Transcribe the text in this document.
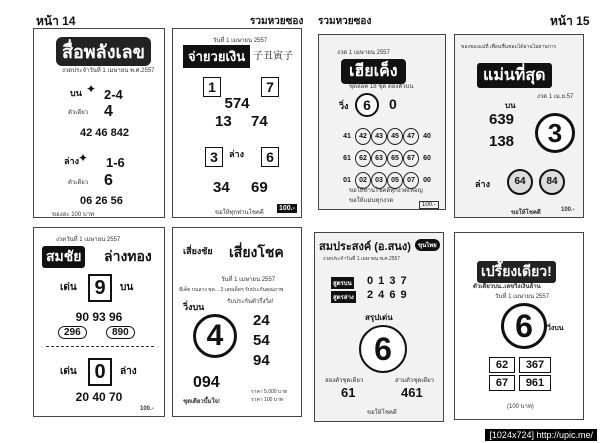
หน้า 14	รวมหวยซอง รวมหวยซอง	หน้า 15
สื่อพลังเลข
งวดประจำวันที่ 1 เมษายน พ.ศ.2557
✦
บน 2-4
ตัวเดียว 4
42 46 842
✦
ล่าง 1-6
ตัวเดียว 6
06 26 56
ของละ 100 บาท
วันที่ 1 เมษายน 2557
จ่ายวยเงิน 子丑寅子
1	7
574
13 74
3	ล่าง	6
34 69
ขอให้ทุกท่านโชคดี
100.-
งวด 1 เมษายน 2557
เฮียเค็ง
ชุดล็อค 18 ชุด ตองตัวบน
วิ่ง	6	0
41	42	43	45	47	40
61	62	63	65	67	60
01	02	03	05	07	00
ขอให้ท่านโชคดีทุกงวดเทอญ
ขอให้แม่นทุกงวด
100.-
ของของแม่ที่ เพื่อนชื่นชอบได้อ่านไม่ผ่านการ
แม่นที่สุด
งวด 1 เม.ย.57
บน
639
138	3
ล่าง	64	84
ขอให้โชคดี	100.-
งวดวันที่ 1 เมษายน 2557
สมชัย ล่างทอง
เด่น 9	บน
90 93 96
296	890
เด่น 0	ล่าง
20 40 70
100.-
เสี่ยงชัย เสี่ยงโชค
วันที่ 1 เมษายน 2557
ทีเด็ด บนลาง ชุด... 3 เลขเด็ดๆ รับประกันคุณภาพ
รับประกันตัวรึ่งวิ่ง!
วิ่งบน
4	24
54
94
094
ชุดเดียวบึ้มใจ!
ราคา 5,000 บาท
ราคา 100 บาท
สมประสงค์ (อ.สนง)	ขุนไทย
งวดประจำวันที่ 1 เมษายน พ.ศ.2557
สูตรบน 0 1 3 7
สูตรล่าง 2 4 6 9
สรุปเด่น
6
สองตัวชุดเดียว
61
สามตัวชุดเดียว
461
ขอให้โชคดี
เปรี้ยงเดียว!
ตัวเดียวบน..เลขวิ่งเงินล้าน
วันที่ 1 เมษายน 2557
6	วิ่งบน
62	367
67	961
(100 บาท)
[1024x724] http://upic.me/
